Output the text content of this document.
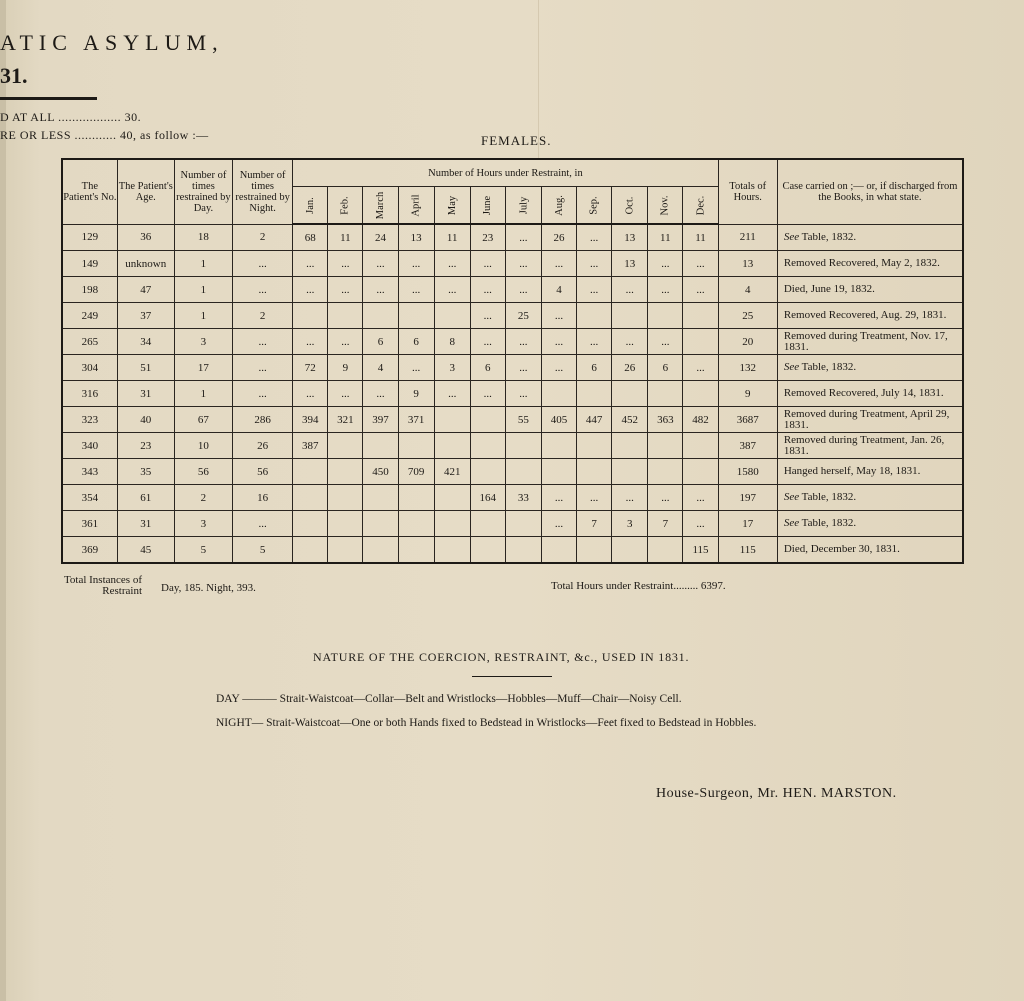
ATIC ASYLUM,
31.
D AT ALL .................. 30.
RE OR LESS ............ 40, as follow :—	FEMALES.
The Patient's No.	The Patient's Age.	Number of times restrained by Day.	Number of times restrained by Night.	Number of Hours under Restraint, in												Totals of Hours.	Case carried on ;— or, if discharged from the Books, in what state.
				Jan.	Feb.	March	April	May	June	July	Aug.	Sep.	Oct.	Nov.	Dec.		
129	36	18	2	68	11	24	13	11	23	...	26	...	13	11	11	211	See Table, 1832.
149	unknown	1	...	...	...	...	...	...	...	...	...	...	13	...	...	13	Removed Recovered, May 2, 1832.
198	47	1	...	...	...	...	...	...	...	...	4	...	...	...	...	4	Died, June 19, 1832.
249	37	1	2						...	25	...					25	Removed Recovered, Aug. 29, 1831.
265	34	3	...	...	...	6	6	8	...	...	...	...	...	...		20	Removed during Treatment, Nov. 17, 1831.
304	51	17	...	72	9	4	...	3	6	...	...	6	26	6	...	132	See Table, 1832.
316	31	1	...	...	...	...	9	...	...	...						9	Removed Recovered, July 14, 1831.
323	40	67	286	394	321	397	371			55	405	447	452	363	482	3687	Removed during Treatment, April 29, 1831.
340	23	10	26	387												387	Removed during Treatment, Jan. 26, 1831.
343	35	56	56			450	709	421								1580	Hanged herself, May 18, 1831.
354	61	2	16						164	33	...	...	...	...	...	197	See Table, 1832.
361	31	3	...								...	7	3	7	...	17	See Table, 1832.
369	45	5	5												115	115	Died, December 30, 1831.
Total Instances of Restraint Day, 185. Night, 393.	Total Hours under Restraint......... 6397.
NATURE OF THE COERCION, RESTRAINT, &c., USED IN 1831.
DAY ——— Strait-Waistcoat—Collar—Belt and Wristlocks—Hobbles—Muff—Chair—Noisy Cell.
NIGHT— Strait-Waistcoat—One or both Hands fixed to Bedstead in Wristlocks—Feet fixed to Bedstead in Hobbles.
House-Surgeon, Mr. HEN. MARSTON.
